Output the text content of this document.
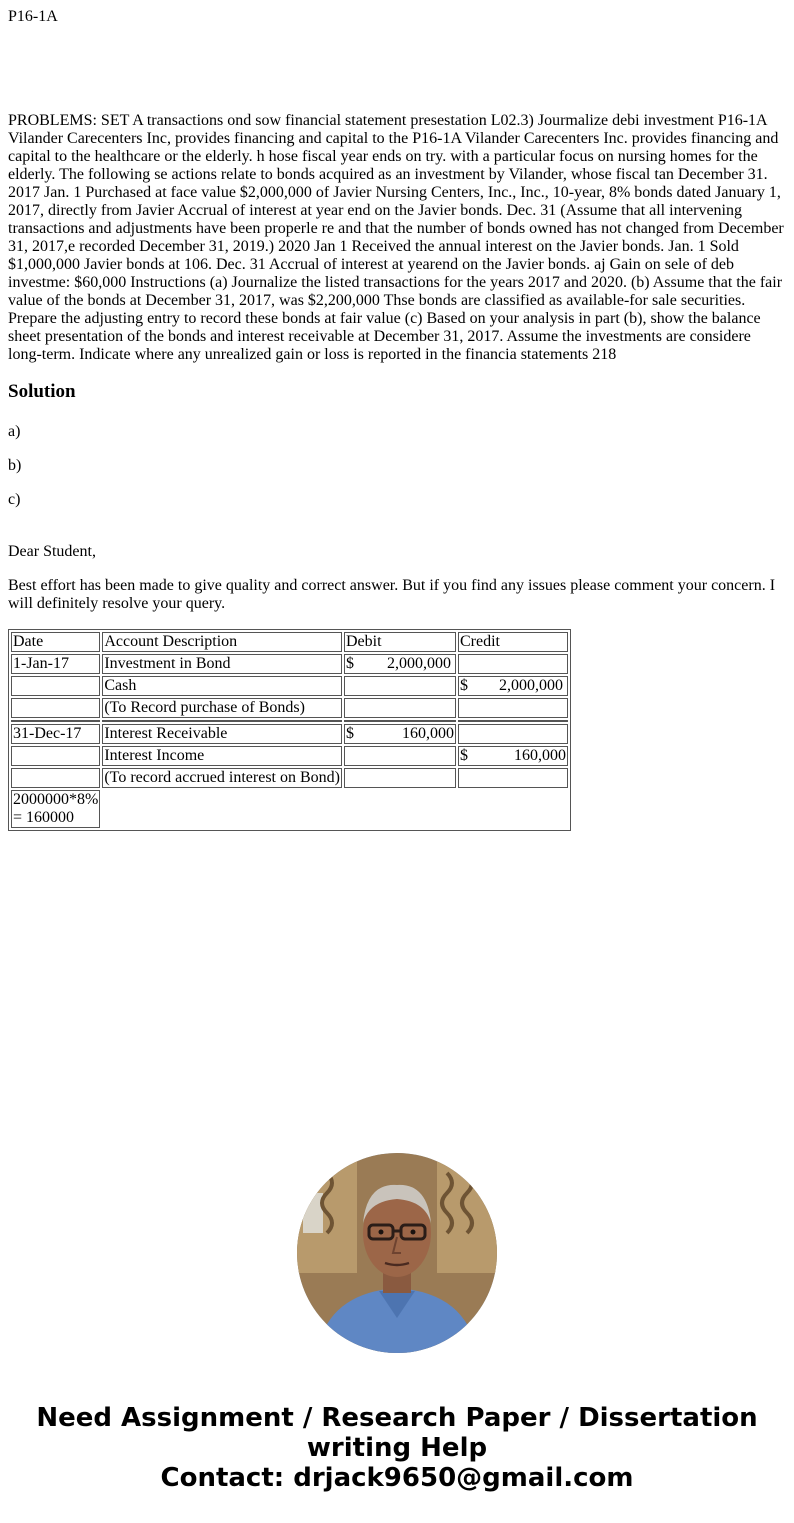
P16-1A
PROBLEMS: SET A transactions ond sow financial statement presestation L02.3) Jourmalize debi investment P16-1A Vilander Carecenters Inc, provides financing and capital to the P16-1A Vilander Carecenters Inc. provides financing and capital to the healthcare or the elderly. h hose fiscal year ends on try. with a particular focus on nursing homes for the elderly. The following se actions relate to bonds acquired as an investment by Vilander, whose fiscal tan December 31. 2017 Jan. 1 Purchased at face value $2,000,000 of Javier Nursing Centers, Inc., Inc., 10-year, 8% bonds dated January 1, 2017, directly from Javier Accrual of interest at year end on the Javier bonds. Dec. 31 (Assume that all intervening transactions and adjustments have been properle re and that the number of bonds owned has not changed from December 31, 2017,e recorded December 31, 2019.) 2020 Jan 1 Received the annual interest on the Javier bonds. Jan. 1 Sold $1,000,000 Javier bonds at 106. Dec. 31 Accrual of interest at yearend on the Javier bonds. aj Gain on sele of deb investme: $60,000 Instructions (a) Journalize the listed transactions for the years 2017 and 2020. (b) Assume that the fair value of the bonds at December 31, 2017, was $2,200,000 Thse bonds are classified as available-for sale securities. Prepare the adjusting entry to record these bonds at fair value (c) Based on your analysis in part (b), show the balance sheet presentation of the bonds and interest receivable at December 31, 2017. Assume the investments are considere long-term. Indicate where any unrealized gain or loss is reported in the financia statements 218
Solution
a)
b)
c)
Dear Student,
Best effort has been made to give quality and correct answer. But if you find any issues please comment your concern. I will definitely resolve your query.
Date	Account Description	Debit	Credit
1-Jan-17	Investment in Bond	$ 2,000,000	

	Cash		$ 2,000,000

	(To Record purchase of Bonds)		

31-Dec-17	Interest Receivable	$ 160,000	

	Interest Income		$ 160,000

	(To record accrued interest on Bond)		
2000000*8% = 160000			
Need Assignment / Research Paper / Dissertation
writing Help
Contact: drjack9650@gmail.com
